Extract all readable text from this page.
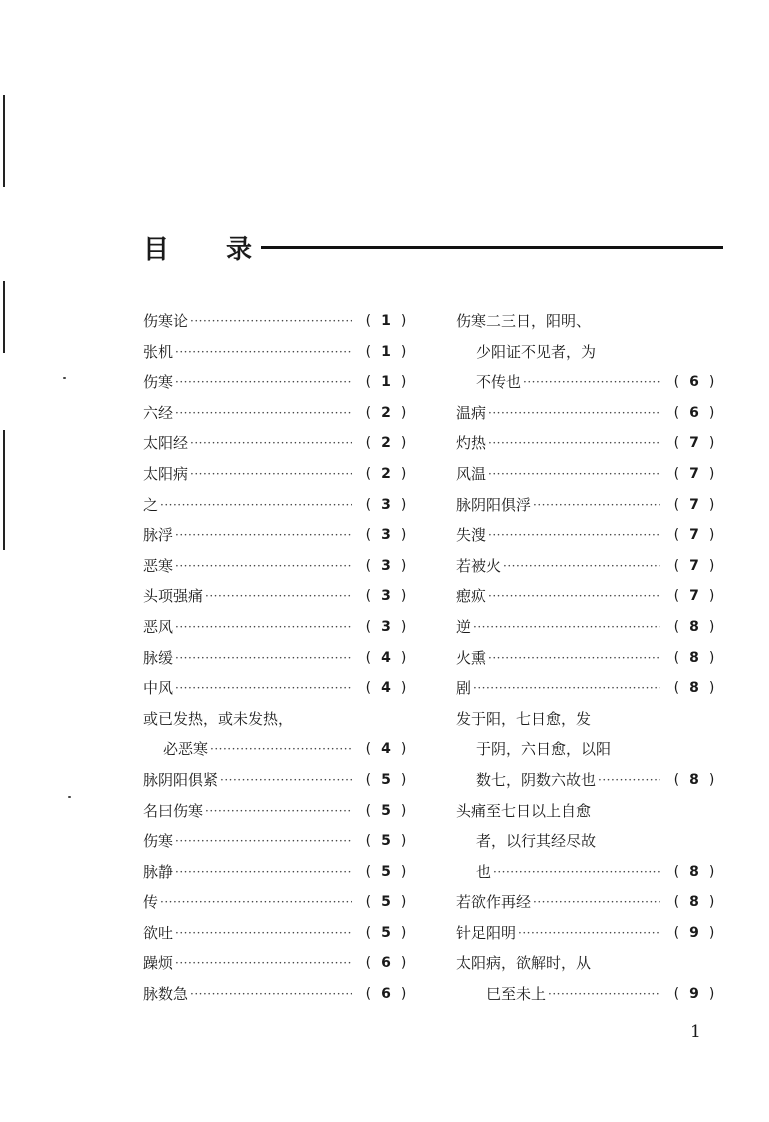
目 录
伤寒论 ·····	( 1 )
张机 ·····	( 1 )
伤寒 ·····	( 1 )
六经 ·····	( 2 )
太阳经 ·····	( 2 )
太阳病 ·····	( 2 )
之 ·····	( 3 )
脉浮 ·····	( 3 )
恶寒 ·····	( 3 )
头项强痛 ·····	( 3 )
恶风 ·····	( 3 )
脉缓 ·····	( 4 )
中风 ·····	( 4 )
或已发热，或未发热，
必恶寒 ·····	( 4 )
脉阴阳俱紧 ·····	( 5 )
名曰伤寒 ·····	( 5 )
伤寒 ·····	( 5 )
脉静 ·····	( 5 )
传 ·····	( 5 )
欲吐 ·····	( 5 )
躁烦 ·····	( 6 )
脉数急 ·····	( 6 )
伤寒二三日，阳明、
少阳证不见者，为
不传也 ·····	( 6 )
温病 ·····	( 6 )
灼热 ·····	( 7 )
风温 ·····	( 7 )
脉阴阳俱浮 ·····	( 7 )
失溲 ·····	( 7 )
若被火 ·····	( 7 )
瘛疭 ·····	( 7 )
逆 ·····	( 8 )
火熏 ·····	( 8 )
剧 ·····	( 8 )
发于阳，七日愈，发
于阴，六日愈，以阳
数七，阴数六故也 ·····	( 8 )
头痛至七日以上自愈
者，以行其经尽故
也 ·····	( 8 )
若欲作再经 ·····	( 8 )
针足阳明 ·····	( 9 )
太阳病，欲解时，从
巳至未上 ·····	( 9 )
1
